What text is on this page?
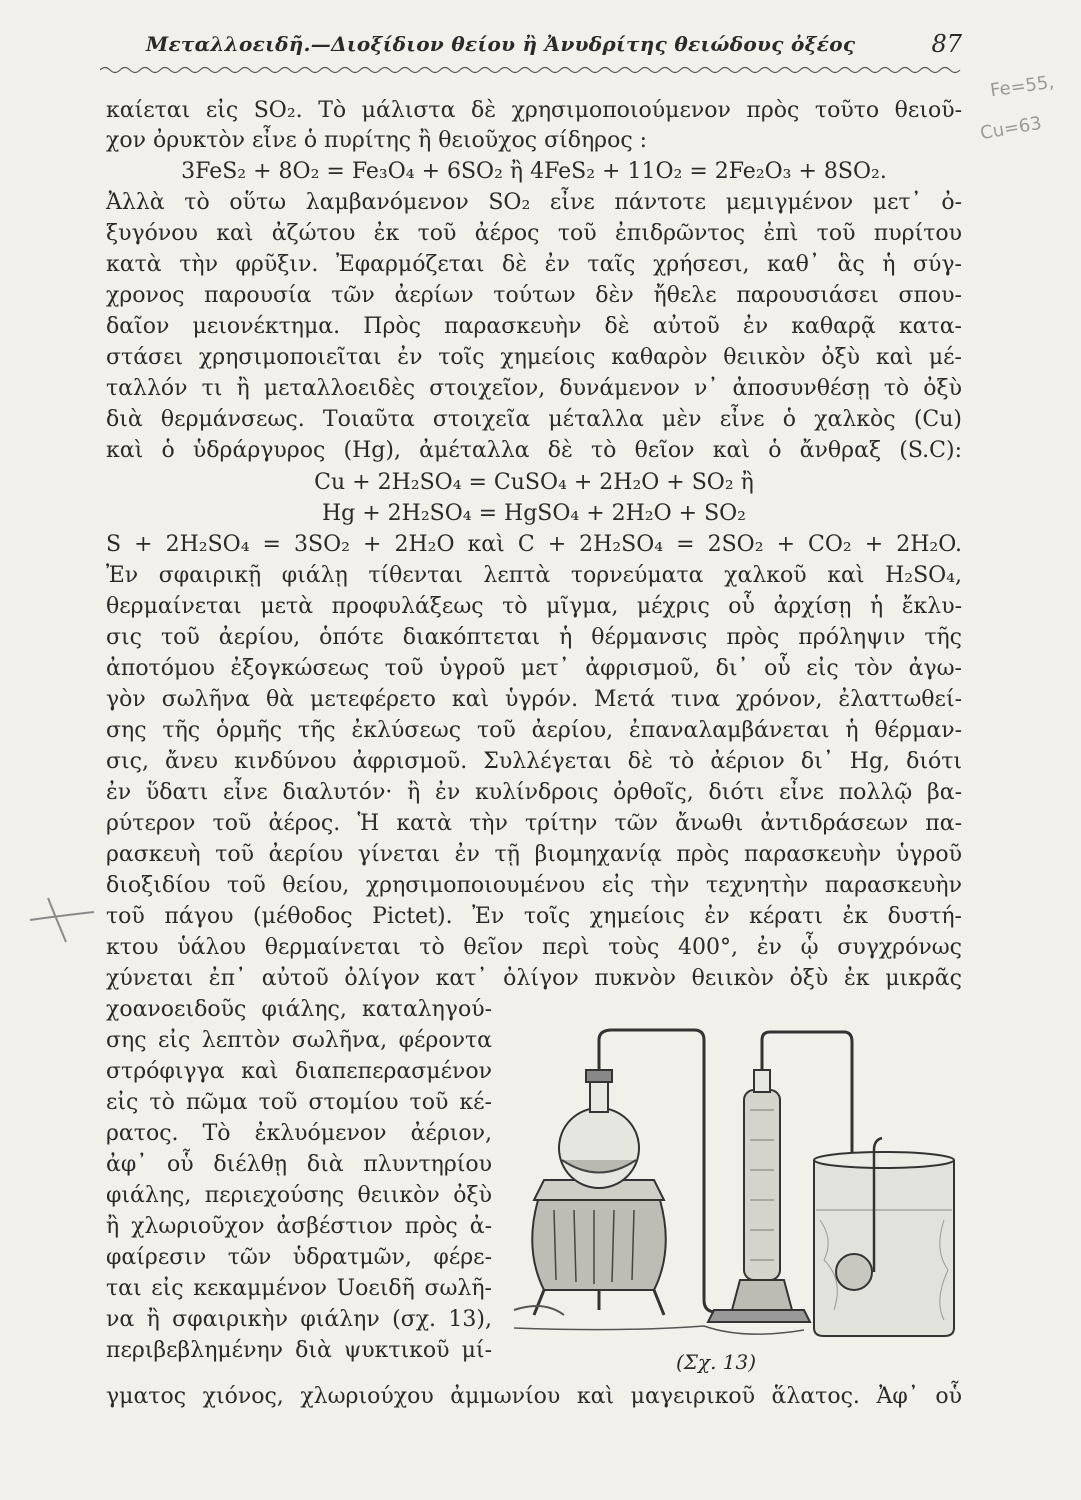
Μεταλλοειδῆ.—Διοξίδιον θείου ἢ Ἀνυδρίτης θειώδους ὀξέος	87
Fe=55,
Cu=63
καίεται εἰς SO₂. Τὸ μάλιστα δὲ χρησιμοποιούμενον πρὸς τοῦτο θειοῦ-
χον ὀρυκτὸν εἶνε ὁ πυρίτης ἢ θειοῦχος σίδηρος :
3FeS₂ + 8O₂ = Fe₃O₄ + 6SO₂ ἢ 4FeS₂ + 11O₂ = 2Fe₂O₃ + 8SO₂.
Ἀλλὰ τὸ οὕτω λαμβανόμενον SO₂ εἶνε πάντοτε μεμιγμένον μετ᾽ ὀ-
ξυγόνου καὶ ἀζώτου ἐκ τοῦ ἀέρος τοῦ ἐπιδρῶντος ἐπὶ τοῦ πυρίτου
κατὰ τὴν φρῦξιν. Ἐφαρμόζεται δὲ ἐν ταῖς χρήσεσι, καθ᾽ ἃς ἡ σύγ-
χρονος παρουσία τῶν ἀερίων τούτων δὲν ἤθελε παρουσιάσει σπου-
δαῖον μειονέκτημα. Πρὸς παρασκευὴν δὲ αὐτοῦ ἐν καθαρᾷ κατα-
στάσει χρησιμοποιεῖται ἐν τοῖς χημείοις καθαρὸν θειικὸν ὀξὺ καὶ μέ-
ταλλόν τι ἢ μεταλλοειδὲς στοιχεῖον, δυνάμενον ν᾽ ἀποσυνθέσῃ τὸ ὀξὺ
διὰ θερμάνσεως. Τοιαῦτα στοιχεῖα μέταλλα μὲν εἶνε ὁ χαλκὸς (Cu)
καὶ ὁ ὑδράργυρος (Hg), ἀμέταλλα δὲ τὸ θεῖον καὶ ὁ ἄνθραξ (S.C):
Cu + 2H₂SO₄ = CuSO₄ + 2H₂O + SO₂ ἢ
Hg + 2H₂SO₄ = HgSO₄ + 2H₂O + SO₂
S + 2H₂SO₄ = 3SO₂ + 2H₂O καὶ C + 2H₂SO₄ = 2SO₂ + CO₂ + 2H₂O.
Ἐν σφαιρικῇ φιάλῃ τίθενται λεπτὰ τορνεύματα χαλκοῦ καὶ H₂SO₄,
θερμαίνεται μετὰ προφυλάξεως τὸ μῖγμα, μέχρις οὗ ἀρχίσῃ ἡ ἔκλυ-
σις τοῦ ἀερίου, ὁπότε διακόπτεται ἡ θέρμανσις πρὸς πρόληψιν τῆς
ἀποτόμου ἐξογκώσεως τοῦ ὑγροῦ μετ᾽ ἀφρισμοῦ, δι᾽ οὗ εἰς τὸν ἀγω-
γὸν σωλῆνα θὰ μετεφέρετο καὶ ὑγρόν. Μετά τινα χρόνον, ἐλαττωθεί-
σης τῆς ὁρμῆς τῆς ἐκλύσεως τοῦ ἀερίου, ἐπαναλαμβάνεται ἡ θέρμαν-
σις, ἄνευ κινδύνου ἀφρισμοῦ. Συλλέγεται δὲ τὸ ἀέριον δι᾽ Hg, διότι
ἐν ὕδατι εἶνε διαλυτόν· ἢ ἐν κυλίνδροις ὀρθοῖς, διότι εἶνε πολλῷ βα-
ρύτερον τοῦ ἀέρος. Ἡ κατὰ τὴν τρίτην τῶν ἄνωθι ἀντιδράσεων πα-
ρασκευὴ τοῦ ἀερίου γίνεται ἐν τῇ βιομηχανίᾳ πρὸς παρασκευὴν ὑγροῦ
διοξιδίου τοῦ θείου, χρησιμοποιουμένου εἰς τὴν τεχνητὴν παρασκευὴν
τοῦ πάγου (μέθοδος Pictet). Ἐν τοῖς χημείοις ἐν κέρατι ἐκ δυστή-
κτου ὑάλου θερμαίνεται τὸ θεῖον περὶ τοὺς 400°, ἐν ᾧ συγχρόνως
χύνεται ἐπ᾽ αὐτοῦ ὀλίγον κατ᾽ ὀλίγον πυκνὸν θειικὸν ὀξὺ ἐκ μικρᾶς
χοανοειδοῦς φιάλης, καταληγού-
σης εἰς λεπτὸν σωλῆνα, φέροντα
στρόφιγγα καὶ διαπεπερασμένον
εἰς τὸ πῶμα τοῦ στομίου τοῦ κέ-
ρατος. Τὸ ἐκλυόμενον ἀέριον,
ἀφ᾽ οὗ διέλθῃ διὰ πλυντηρίου
φιάλης, περιεχούσης θειικὸν ὀξὺ
ἢ χλωριοῦχον ἀσβέστιον πρὸς ἀ-
φαίρεσιν τῶν ὑδρατμῶν, φέρε-
ται εἰς κεκαμμένον Uοειδῆ σωλῆ-
να ἢ σφαιρικὴν φιάλην (σχ. 13),
περιβεβλημένην διὰ ψυκτικοῦ μί-
γματος χιόνος, χλωριούχου ἀμμωνίου καὶ μαγειρικοῦ ἅλατος. Ἀφ᾽ οὗ
(Σχ. 13)
